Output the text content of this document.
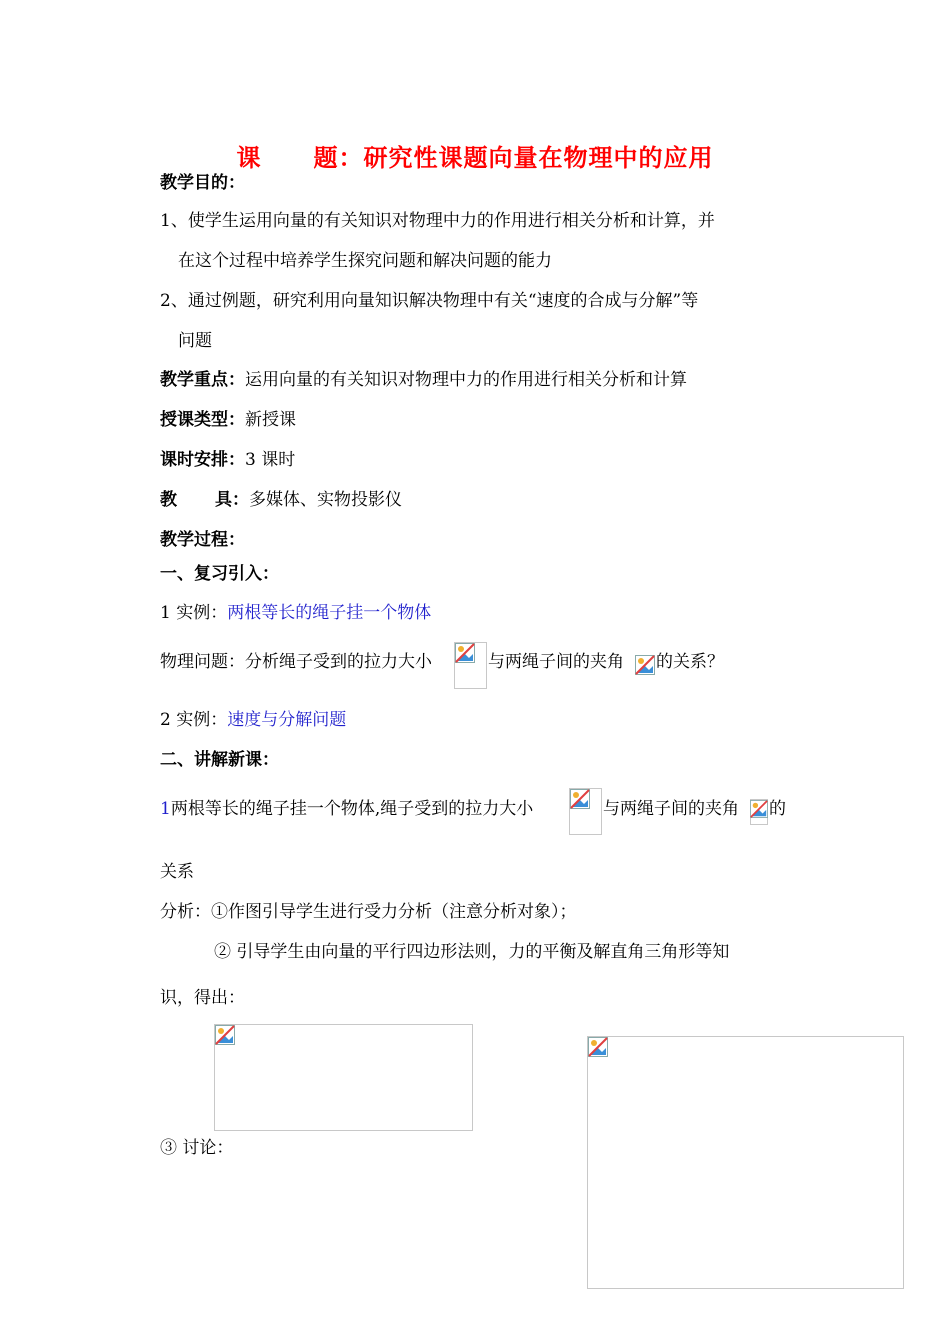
课 题：研究性课题向量在物理中的应用
教学目的：
1、使学生运用向量的有关知识对物理中力的作用进行相关分析和计算，并
在这个过程中培养学生探究问题和解决问题的能力
2、通过例题，研究利用向量知识解决物理中有关“速度的合成与分解”等
问题
教学重点：运用向量的有关知识对物理中力的作用进行相关分析和计算
授课类型：新授课
课时安排：3 课时
教 具：多媒体、实物投影仪
教学过程：
一、复习引入：
1 实例：两根等长的绳子挂一个物体
物理问题：分析绳子受到的拉力大小	与两绳子间的夹角 的关系？
2 实例：速度与分解问题
二、讲解新课：
1两根等长的绳子挂一个物体,绳子受到的拉力大小	与两绳子间的夹角 的
关系
分析：①作图引导学生进行受力分析（注意分析对象）；
② 引导学生由向量的平行四边形法则，力的平衡及解直角三角形等知
识，得出：
③ 讨论：
